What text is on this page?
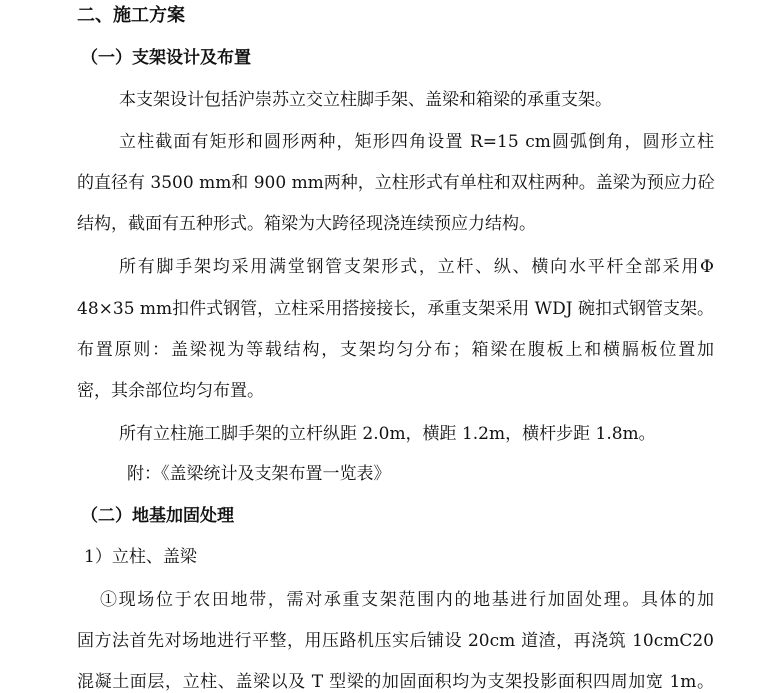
二、施工方案
（一）支架设计及布置
本支架设计包括沪崇苏立交立柱脚手架、盖梁和箱梁的承重支架。
立柱截面有矩形和圆形两种，矩形四角设置 R=15 cm圆弧倒角，圆形立柱
的直径有 3500 mm和 900 mm两种，立柱形式有单柱和双柱两种。盖梁为预应力砼
结构，截面有五种形式。箱梁为大跨径现浇连续预应力结构。
所有脚手架均采用满堂钢管支架形式，立杆、纵、横向水平杆全部采用Φ
48×35 mm扣件式钢管，立柱采用搭接接长，承重支架采用 WDJ 碗扣式钢管支架。
布置原则：盖梁视为等载结构，支架均匀分布；箱梁在腹板上和横膈板位置加
密，其余部位均匀布置。
所有立柱施工脚手架的立杆纵距 2.0m，横距 1.2m，横杆步距 1.8m。
附：《盖梁统计及支架布置一览表》
（二）地基加固处理
1）立柱、盖梁
①现场位于农田地带，需对承重支架范围内的地基进行加固处理。具体的加
固方法首先对场地进行平整，用压路机压实后铺设 20cm 道渣，再浇筑 10cmC20
混凝土面层，立柱、盖梁以及 T 型梁的加固面积均为支架投影面积四周加宽 1m。
